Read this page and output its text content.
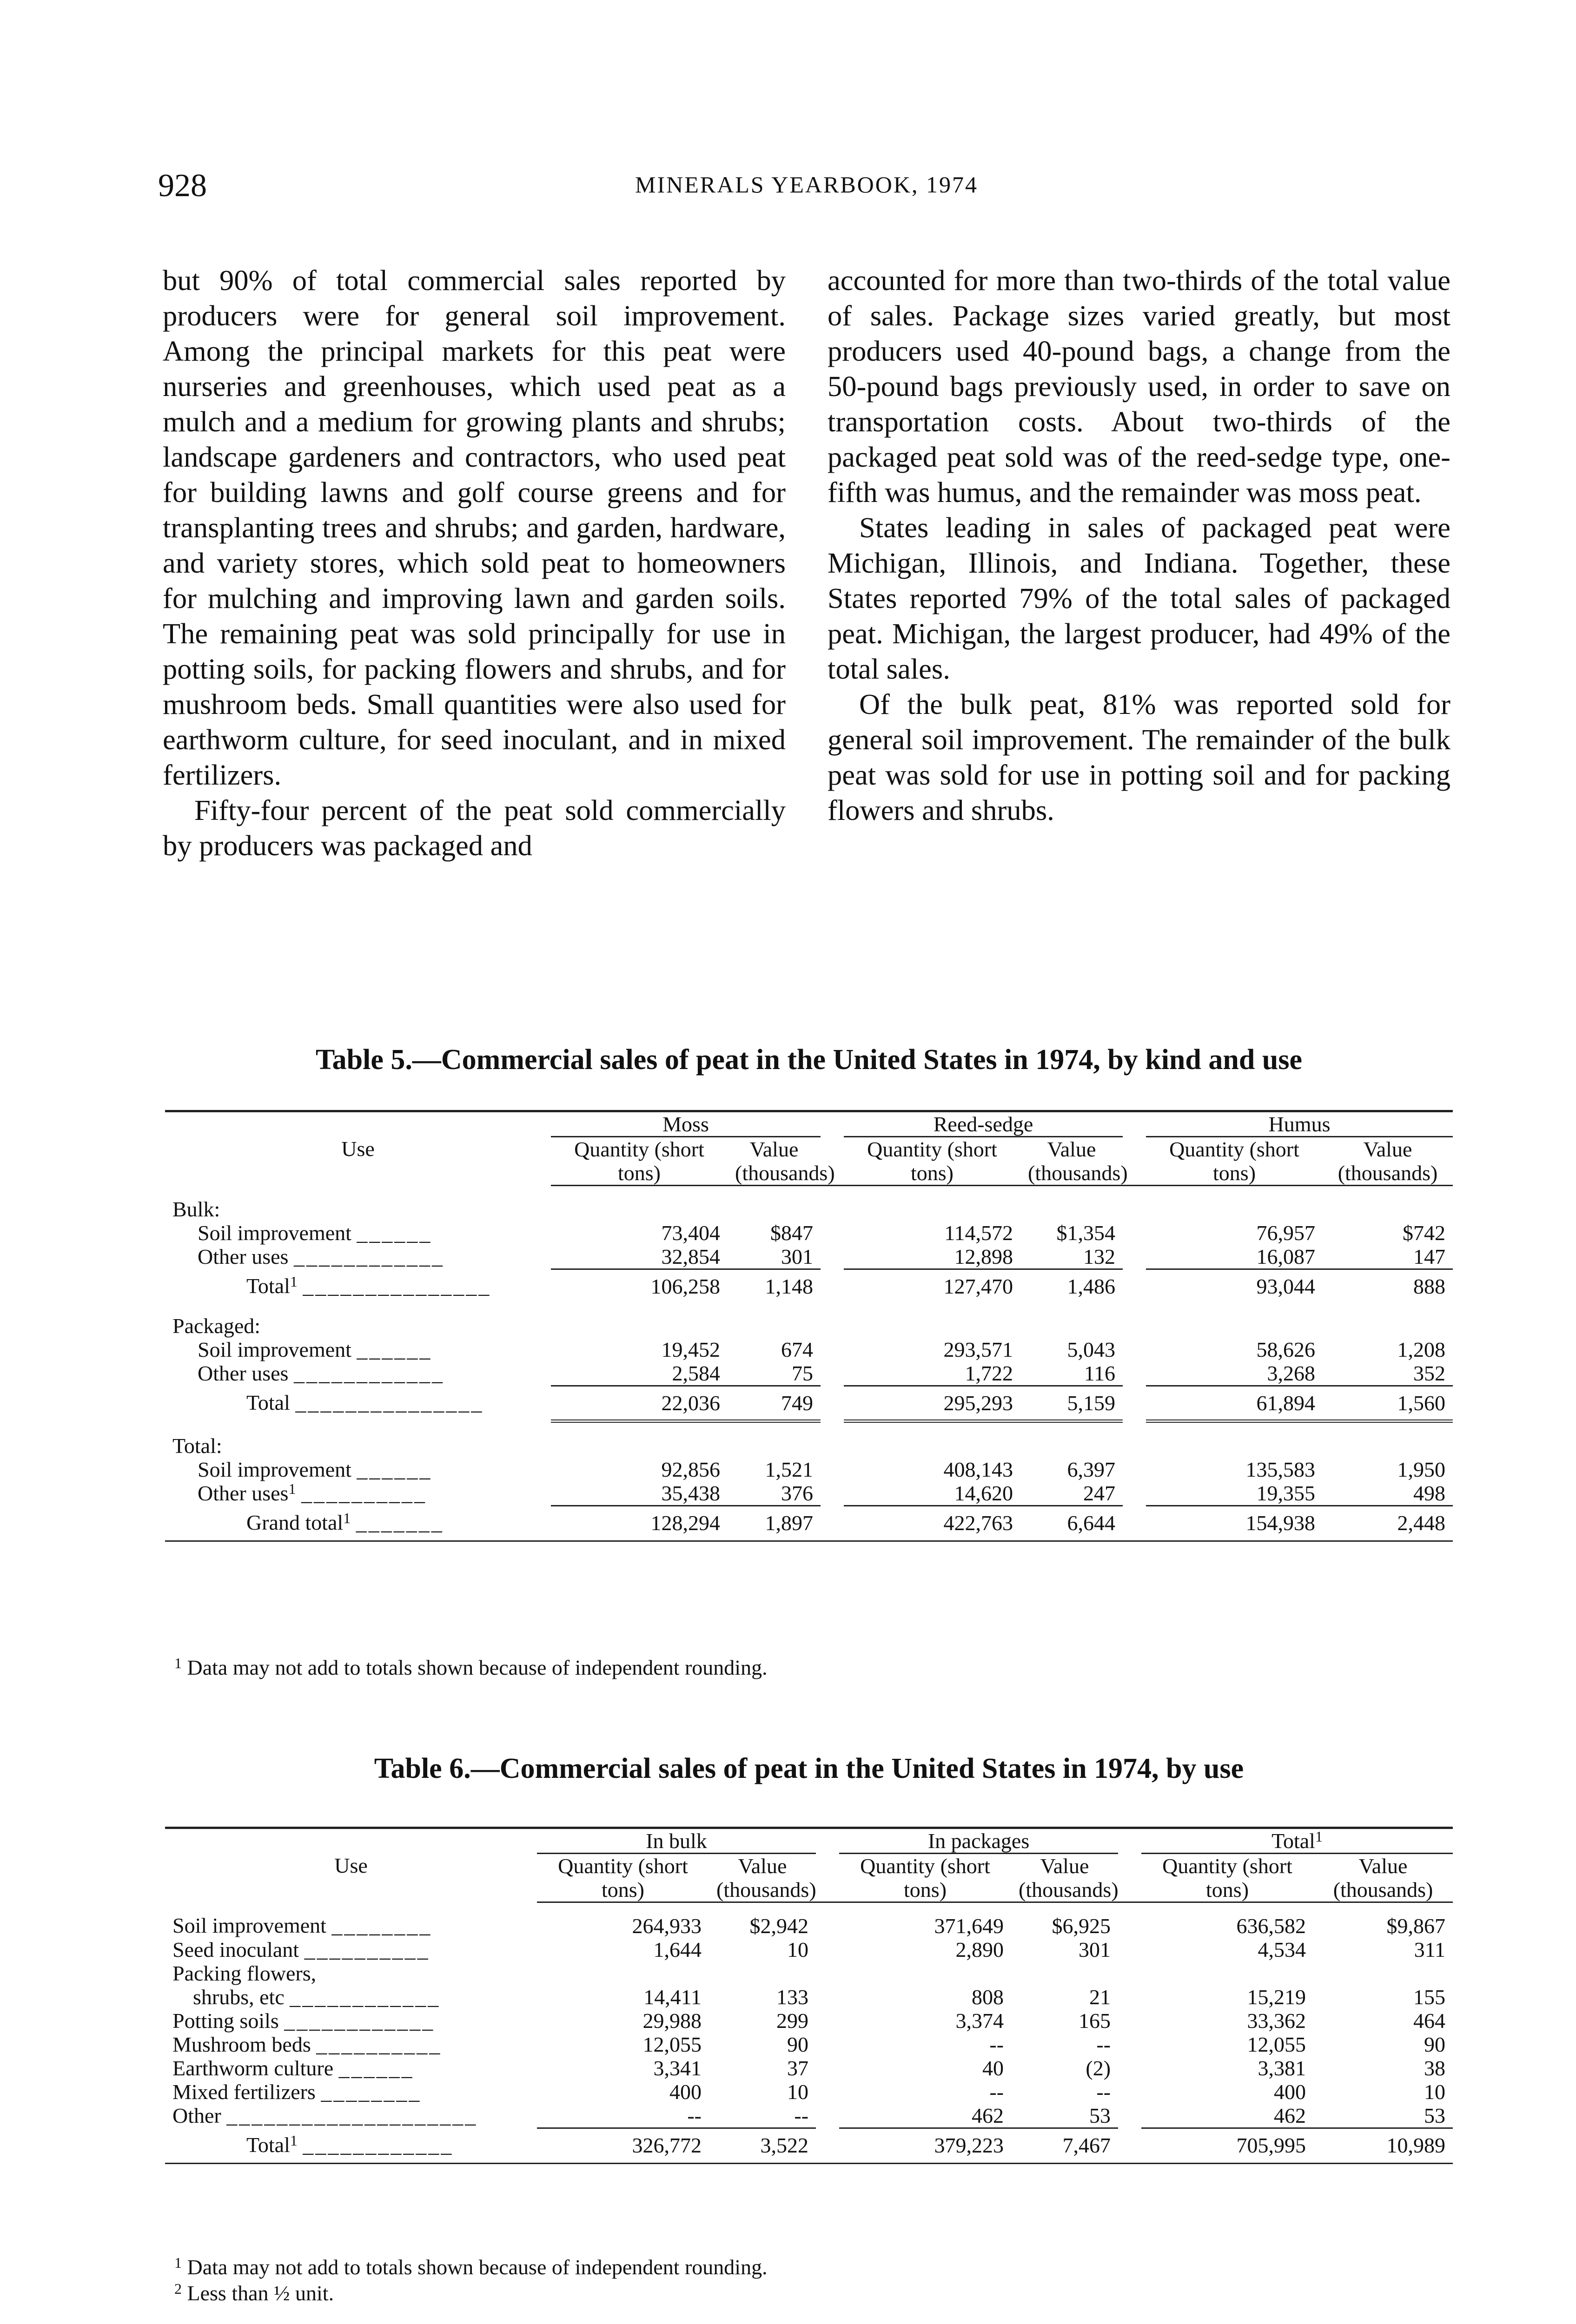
928	MINERALS YEARBOOK, 1974

but 90% of total commercial sales reported by producers were for general soil improvement. Among the principal markets for this peat were nurseries and greenhouses, which used peat as a mulch and a medium for growing plants and shrubs; landscape gardeners and contractors, who used peat for building lawns and golf course greens and for transplanting trees and shrubs; and garden, hardware, and variety stores, which sold peat to homeowners for mulching and improving lawn and garden soils. The remaining peat was sold principally for use in potting soils, for packing flowers and shrubs, and for mushroom beds. Small quantities were also used for earthworm culture, for seed inoculant, and in mixed fertilizers.

Fifty-four percent of the peat sold commercially by producers was packaged and

accounted for more than two-thirds of the total value of sales. Package sizes varied greatly, but most producers used 40-pound bags, a change from the 50-pound bags previously used, in order to save on transportation costs. About two-thirds of the packaged peat sold was of the reed-sedge type, one-fifth was humus, and the remainder was moss peat.

States leading in sales of packaged peat were Michigan, Illinois, and Indiana. Together, these States reported 79% of the total sales of packaged peat. Michigan, the largest producer, had 49% of the total sales.

Of the bulk peat, 81% was reported sold for general soil improvement. The remainder of the bulk peat was sold for use in potting soil and for packing flowers and shrubs.

Table 5.—Commercial sales of peat in the United States in 1974, by kind and use
Use	Moss			Reed-sedge			Humus	
	Quantity (short tons)	Value (thousands)		Quantity (short tons)	Value (thousands)		Quantity (short tons)	Value (thousands)
Bulk:								
Soil improvement ______	73,404	$847		114,572	$1,354		76,957	$742
Other uses ____________	32,854	301		12,898	132		16,087	147
Total$^1$ _______________	106,258	1,148		127,470	1,486		93,044	888
Packaged:								
Soil improvement ______	19,452	674		293,571	5,043		58,626	1,208
Other uses ____________	2,584	75		1,722	116		3,268	352
Total _______________	22,036	749		295,293	5,159		61,894	1,560
Total:								
Soil improvement ______	92,856	1,521		408,143	6,397		135,583	1,950
Other uses$^1$ __________	35,438	376		14,620	247		19,355	498
Grand total$^1$ _______	128,294	1,897		422,763	6,644		154,938	2,448
$^1$ Data may not add to totals shown because of independent rounding.
Table 6.—Commercial sales of peat in the United States in 1974, by use
Use	In bulk			In packages			Total$^1$
	Quantity (short tons)	Value (thousands)		Quantity (short tons)	Value (thousands)		Quantity (short tons)	Value (thousands)
Soil improvement ________	264,933	$2,942		371,649	$6,925		636,582	$9,867
Seed inoculant __________	1,644	10		2,890	301		4,534	311
Packing flowers,								
shrubs, etc ____________	14,411	133		808	21		15,219	155
Potting soils ____________	29,988	299		3,374	165		33,362	464
Mushroom beds __________	12,055	90		--	--		12,055	90
Earthworm culture ______	3,341	37		40	(2)		3,381	38
Mixed fertilizers ________	400	10		--	--		400	10
Other ____________________	--	--		462	53		462	53
Total$^1$ ____________	326,772	3,522		379,223	7,467		705,995	10,989
$^1$ Data may not add to totals shown because of independent rounding.
$^2$ Less than ½ unit.
